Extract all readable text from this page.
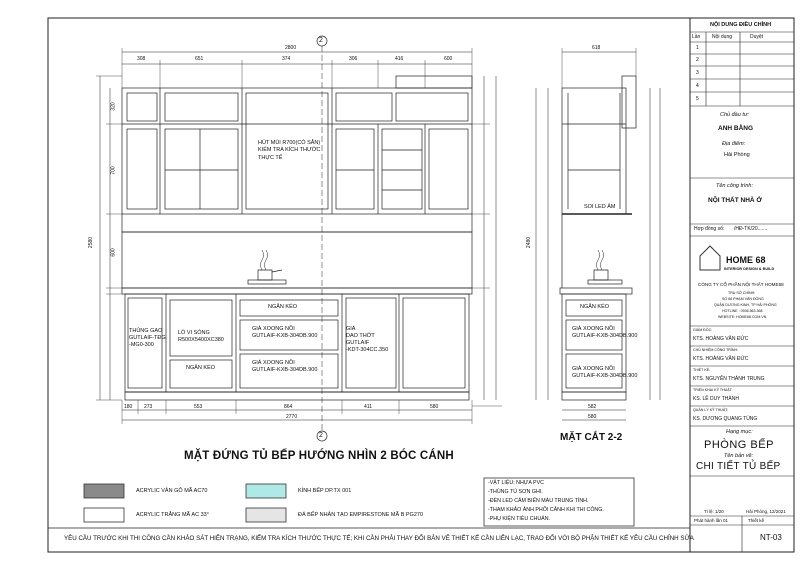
2
2
2800
308	651	374	306	416	600
2580
320
700
600
HÚT MÙI R700(CÓ SẴN)
KIỂM TRA KÍCH THƯỚC
THỰC TẾ
NGĂN KÉO
THÙNG GẠO
GUTLAIF-TĐG
-MG0-300
LÒ VI SÓNG
R500X5400XC380
NGĂN KÉO
GIÁ XOONG NỒI
GUTLAIF-KXB-304DB.900
GIÁ XOONG NỒI
GUTLAIF-KXB-304DB.900
GIÁ
DAO THỚT
GUTLAIF
-KDT-304CC.350
180 273	553	864	411	580
2770
618
SOI LED ÂM
NGĂN KÉO
GIÁ XOONG NỒI
GUTLAIF-KXB-304DB.900
GIÁ XOONG NỒI
GUTLAIF-KXB-304DB.900
582
580
2480
MẶT ĐỨNG TỦ BẾP HƯỚNG NHÌN 2 BÓC CÁNH
MẶT CẮT 2-2
ACRYLIC VÂN GỖ MÃ AC70
ACRYLIC TRẮNG MÃ AC 33°
KÍNH BẾP DP.TX 001
ĐÁ BẾP NHÂN TẠO EMPIRESTONE MÃ B PG270
-VẬT LIỆU: NHỰA PVC
-THÙNG TỦ SƠN GHI.
-ĐÈN LED CẢM BIẾN MÀU TRUNG TÍNH.
-THAM KHẢO ẢNH PHỐI CẢNH KHI THI CÔNG.
-PHỤ KIỆN TIÊU CHUẨN.
YÊU CẦU TRƯỚC KHI THI CÔNG CẦN KHẢO SÁT HIỆN TRẠNG, KIỂM TRA KÍCH THƯỚC THỰC TẾ; KHI CẦN PHẢI THAY ĐỔI BẢN VẼ THIẾT KẾ CẦN LIÊN LẠC, TRAO ĐỔI VỚI BỘ PHẬN THIẾT KẾ YÊU CẦU CHỈNH SỬA
NỘI DUNG ĐIỀU CHỈNH
Lần Nội dung	Duyệt
1
2
3
4
5
Chủ đầu tư:
ANH BẰNG
Địa điểm:
Hải Phòng
Tên công trình:
NỘI THẤT NHÀ Ở
Hợp đồng số: /HĐ-TK/20.......
HOME 68
INTERIOR DESIGN & BUILD
CÔNG TY CỔ PHẦN NỘI THẤT HOME68
TRỤ SỞ CHÍNH:
SỐ 68 PHẠM VĂN ĐỒNG
QUẬN DƯƠNG KINH, TP HẢI PHÒNG
HOTLINE : 0936.563.368
WEBSITE: HOME68.COM.VN
GIÁM ĐỐC:
KTS. HOÀNG VĂN ĐỨC
CHỦ NHIỆM CÔNG TRÌNH:
KTS. HOÀNG VĂN ĐỨC
THIẾT KẾ:
KTS. NGUYỄN THÀNH TRUNG
TRIỂN KHAI KỸ THUẬT:
KS. LÊ DUY THÀNH
QUẢN LÝ KỸ THUẬT:
KS. DƯƠNG QUANG TÙNG
Hạng mục:
PHÒNG BẾP
Tên bản vẽ:
CHI TIẾT TỦ BẾP
Tỉ lệ: 1/20	Hải Phòng, 12/2021
Phát hành lần 01	Thiết kế
NT-03
